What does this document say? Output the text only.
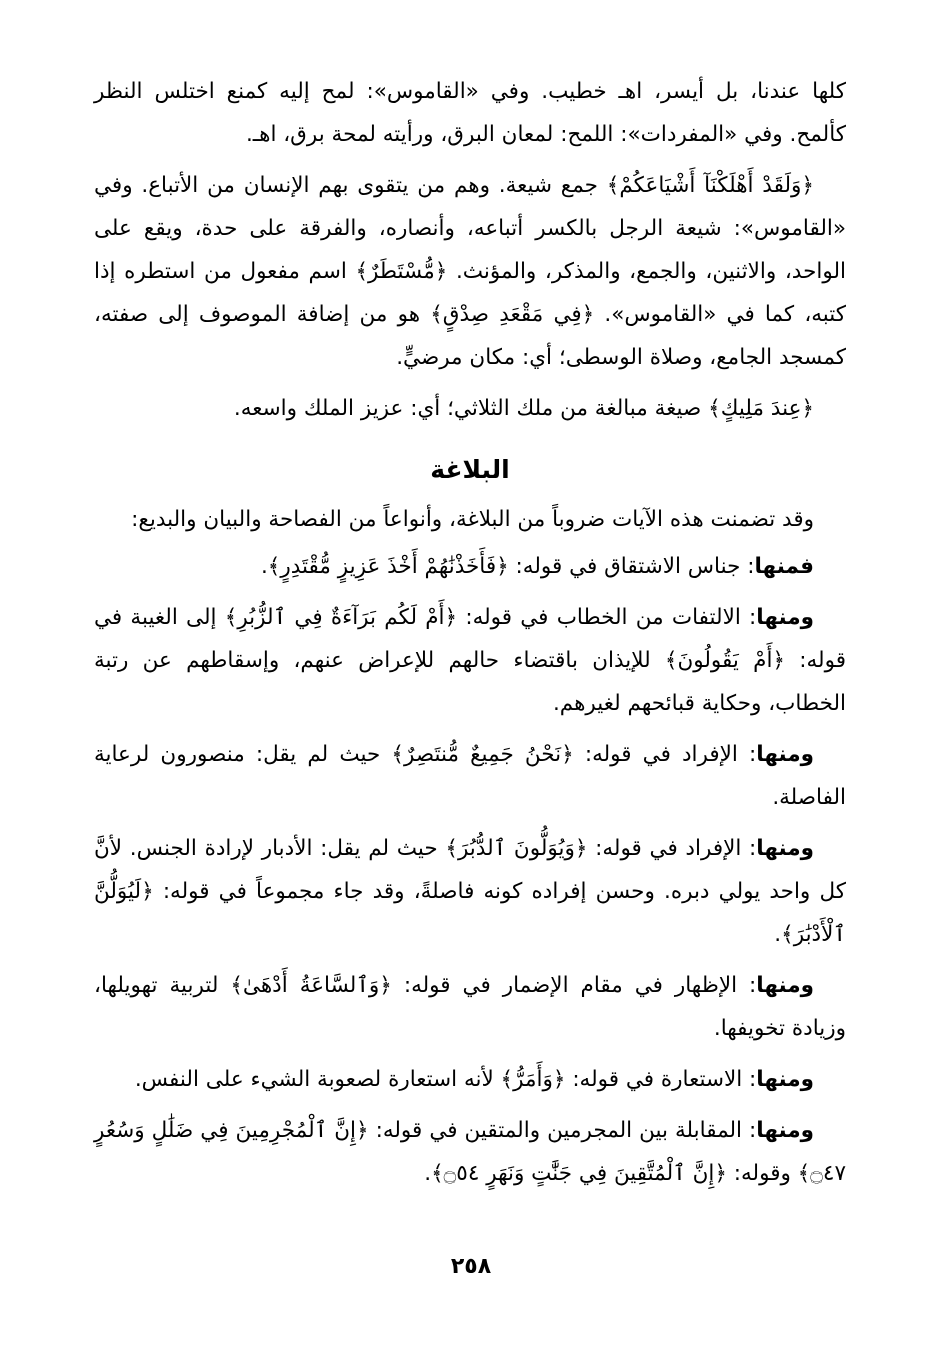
كلها عندنا، بل أيسر، اهـ خطيب. وفي «القاموس»: لمح إليه كمنع اختلس النظر كألمح. وفي «المفردات»: اللمح: لمعان البرق، ورأيته لمحة برق، اهـ.

﴿وَلَقَدْ أَهْلَكْنَآ أَشْيَاعَكُمْ﴾ جمع شيعة. وهم من يتقوى بهم الإنسان من الأتباع. وفي «القاموس»: شيعة الرجل بالكسر أتباعه، وأنصاره، والفرقة على حدة، ويقع على الواحد، والاثنين، والجمع، والمذكر، والمؤنث. ﴿مُّسْتَطَرٌ﴾ اسم مفعول من استطره إذا كتبه، كما في «القاموس». ﴿فِي مَقْعَدِ صِدْقٍ﴾ هو من إضافة الموصوف إلى صفته، كمسجد الجامع، وصلاة الوسطى؛ أي: مكان مرضيٍّ.

﴿عِندَ مَلِيكٍ﴾ صيغة مبالغة من ملك الثلاثي؛ أي: عزيز الملك واسعه.

البلاغة

وقد تضمنت هذه الآيات ضروباً من البلاغة، وأنواعاً من الفصاحة والبيان والبديع:

فمنها: جناس الاشتقاق في قوله: ﴿فَأَخَذْنَٰهُمْ أَخْذَ عَزِيزٍ مُّقْتَدِرٍ﴾.

ومنها: الالتفات من الخطاب في قوله: ﴿أَمْ لَكُم بَرَآءَةٌ فِي ٱلزُّبُرِ﴾ إلى الغيبة في قوله: ﴿أَمْ يَقُولُونَ﴾ للإيذان باقتضاء حالهم للإعراض عنهم، وإسقاطهم عن رتبة الخطاب، وحكاية قبائحهم لغيرهم.

ومنها: الإفراد في قوله: ﴿نَحْنُ جَمِيعٌ مُّنتَصِرٌ﴾ حيث لم يقل: منصورون لرعاية الفاصلة.

ومنها: الإفراد في قوله: ﴿وَيُوَلُّونَ ٱلدُّبُرَ﴾ حيث لم يقل: الأدبار لإرادة الجنس. لأنَّ كل واحد يولي دبره. وحسن إفراده كونه فاصلةً، وقد جاء مجموعاً في قوله: ﴿لَيُوَلُّنَّ ٱلْأَدْبَٰرَ﴾.

ومنها: الإظهار في مقام الإضمار في قوله: ﴿وَٱلسَّاعَةُ أَدْهَىٰ﴾ لتربية تهويلها، وزيادة تخويفها.

ومنها: الاستعارة في قوله: ﴿وَأَمَرُّ﴾ لأنه استعارة لصعوبة الشيء على النفس.

ومنها: المقابلة بين المجرمين والمتقين في قوله: ﴿إِنَّ ٱلْمُجْرِمِينَ فِي ضَلَٰلٍ وَسُعُرٍ ۝٤٧﴾ وقوله: ﴿إِنَّ ٱلْمُتَّقِينَ فِي جَنَّٰتٍ وَنَهَرٍ ۝٥٤﴾.

٢٥٨
